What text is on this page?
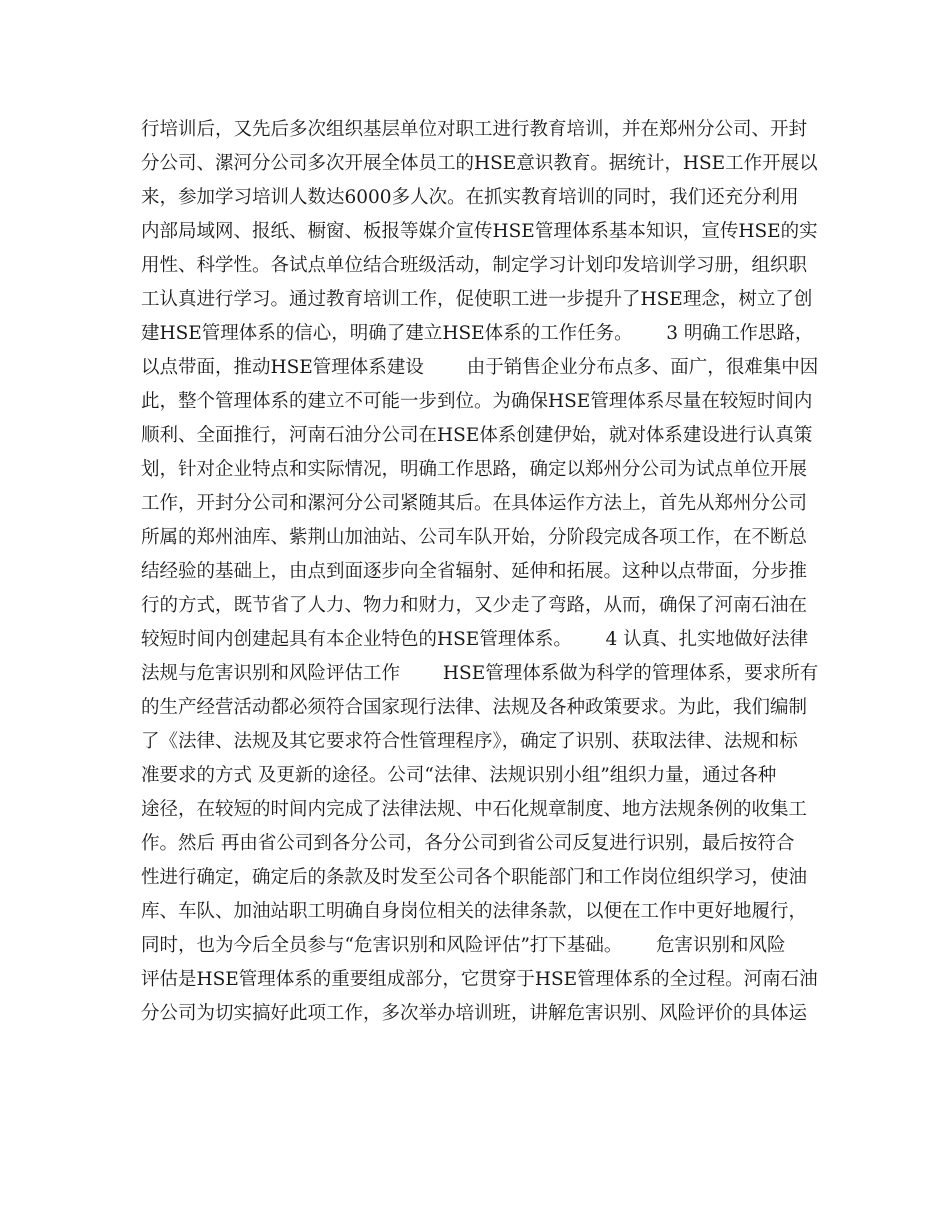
行培训后，又先后多次组织基层单位对职工进行教育培训，并在郑州分公司、开封
分公司、漯河分公司多次开展全体员工的HSE意识教育。据统计，HSE工作开展以
来，参加学习培训人数达6000多人次。在抓实教育培训的同时，我们还充分利用
内部局域网、报纸、橱窗、板报等媒介宣传HSE管理体系基本知识，宣传HSE的实
用性、科学性。各试点单位结合班级活动，制定学习计划印发培训学习册，组织职
工认真进行学习。通过教育培训工作，促使职工进一步提升了HSE理念，树立了创
建HSE管理体系的信心，明确了建立HSE体系的工作任务。　　 3 明确工作思路，
以点带面，推动HSE管理体系建设　　 由于销售企业分布点多、面广，很难集中因
此，整个管理体系的建立不可能一步到位。为确保HSE管理体系尽量在较短时间内
顺利、全面推行，河南石油分公司在HSE体系创建伊始，就对体系建设进行认真策
划，针对企业特点和实际情况，明确工作思路，确定以郑州分公司为试点单位开展
工作，开封分公司和漯河分公司紧随其后。在具体运作方法上，首先从郑州分公司
所属的郑州油库、紫荆山加油站、公司车队开始，分阶段完成各项工作，在不断总
结经验的基础上，由点到面逐步向全省辐射、延伸和拓展。这种以点带面，分步推
行的方式，既节省了人力、物力和财力，又少走了弯路，从而，确保了河南石油在
较短时间内创建起具有本企业特色的HSE管理体系。　　 4 认真、扎实地做好法律
法规与危害识别和风险评估工作　　 HSE管理体系做为科学的管理体系，要求所有
的生产经营活动都必须符合国家现行法律、法规及各种政策要求。为此，我们编制
了《法律、法规及其它要求符合性管理程序》，确定了识别、获取法律、法规和标
准要求的方式 及更新的途径。公司“法律、法规识别小组”组织力量，通过各种
途径，在较短的时间内完成了法律法规、中石化规章制度、地方法规条例的收集工
作。然后 再由省公司到各分公司，各分公司到省公司反复进行识别，最后按符合
性进行确定，确定后的条款及时发至公司各个职能部门和工作岗位组织学习，使油
库、车队、加油站职工明确自身岗位相关的法律条款，以便在工作中更好地履行，
同时，也为今后全员参与“危害识别和风险评估”打下基础。　　 危害识别和风险
评估是HSE管理体系的重要组成部分，它贯穿于HSE管理体系的全过程。河南石油
分公司为切实搞好此项工作，多次举办培训班，讲解危害识别、风险评价的具体运
